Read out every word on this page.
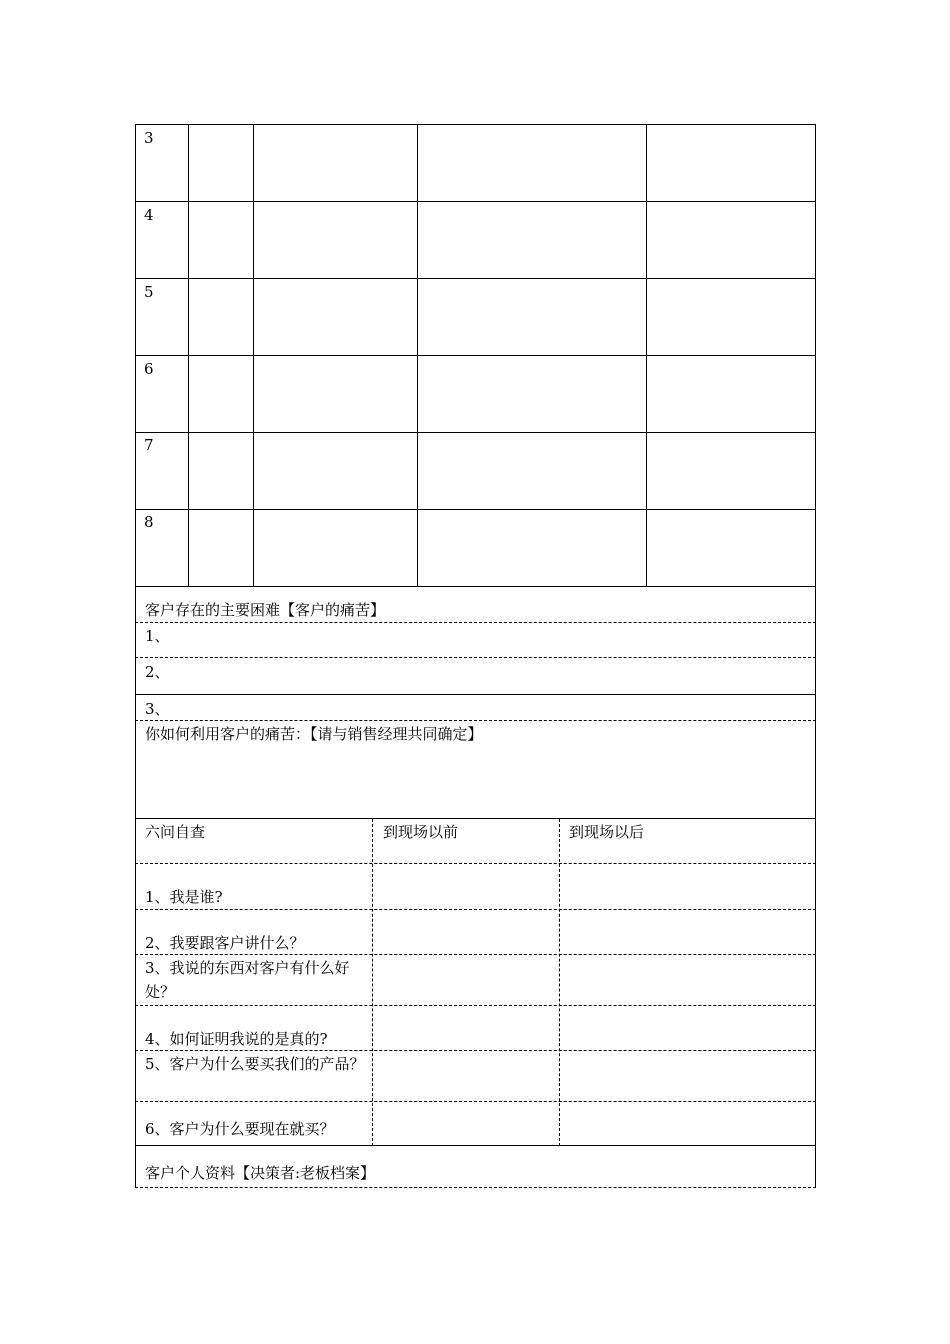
3
4
5
6
7
8
客户存在的主要困难【客户的痛苦】
1、
2、
3、
你如何利用客户的痛苦：【请与销售经理共同确定】
六问自查	到现场以前	到现场以后
1、我是谁?
2、我要跟客户讲什么？
3、我说的东西对客户有什么好处？
4、如何证明我说的是真的?
5、客户为什么要买我们的产品？
6、客户为什么要现在就买？
客户个人资料【决策者:老板档案】
